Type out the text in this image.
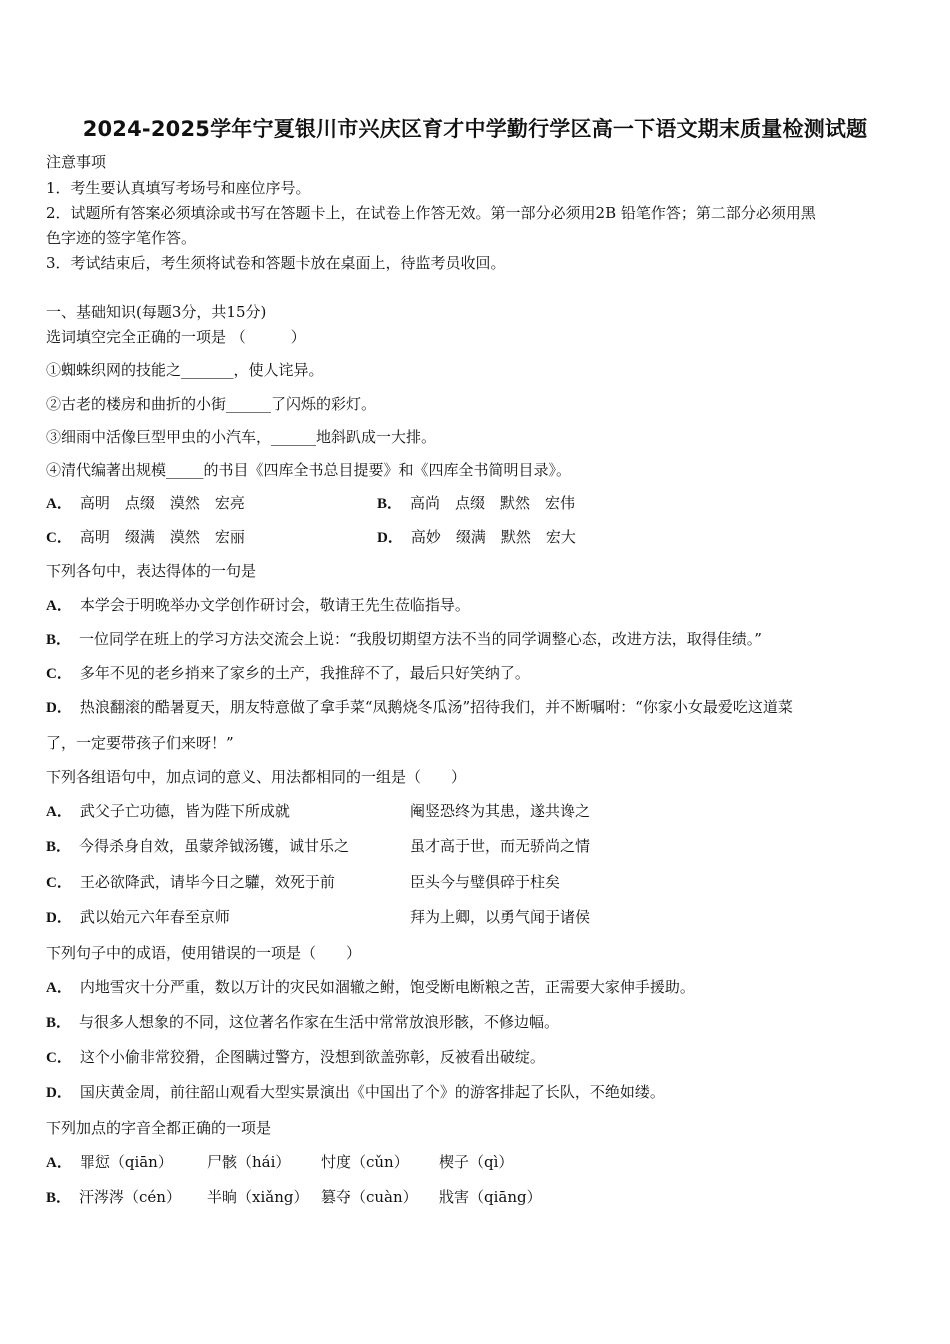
2024-2025学年宁夏银川市兴庆区育才中学勤行学区高一下语文期末质量检测试题
注意事项
1．考生要认真填写考场号和座位序号。
2．试题所有答案必须填涂或书写在答题卡上，在试卷上作答无效。第一部分必须用2B 铅笔作答；第二部分必须用黑
色字迹的签字笔作答。
3．考试结束后，考生须将试卷和答题卡放在桌面上，待监考员收回。
一、基础知识(每题3分，共15分)
选词填空完全正确的一项是 （　　　）
①蜘蛛织网的技能之_______，使人诧异。
②古老的楼房和曲折的小街______了闪烁的彩灯。
③细雨中活像巨型甲虫的小汽车，______地斜趴成一大排。
④清代编著出规模_____的书目《四库全书总目提要》和《四库全书简明目录》。
A． 高明　点缀　漠然　宏亮	B． 高尚　点缀　默然　宏伟
C． 高明　缀满　漠然　宏丽	D． 高妙　缀满　默然　宏大
下列各句中，表达得体的一句是
A． 本学会于明晚举办文学创作研讨会，敬请王先生莅临指导。
B． 一位同学在班上的学习方法交流会上说：“我殷切期望方法不当的同学调整心态，改进方法，取得佳绩。”
C． 多年不见的老乡捎来了家乡的土产，我推辞不了，最后只好笑纳了。
D． 热浪翻滚的酷暑夏天，朋友特意做了拿手菜“凤鹅烧冬瓜汤”招待我们，并不断嘱咐：“你家小女最爱吃这道菜
了，一定要带孩子们来呀！”
下列各组语句中，加点词的意义、用法都相同的一组是（　　）
A． 武父子亡功德，皆为陛下所成就	阉竖恐终为其患，遂共谗之
B． 今得杀身自效，虽蒙斧钺汤镬，诚甘乐之	虽才高于世，而无骄尚之情
C． 王必欲降武，请毕今日之驩，效死于前	臣头今与璧俱碎于柱矣
D． 武以始元六年春至京师	拜为上卿，以勇气闻于诸侯
下列句子中的成语，使用错误的一项是（　　）
A． 内地雪灾十分严重，数以万计的灾民如涸辙之鲋，饱受断电断粮之苦，正需要大家伸手援助。
B． 与很多人想象的不同，这位著名作家在生活中常常放浪形骸，不修边幅。
C． 这个小偷非常狡猾，企图瞒过警方，没想到欲盖弥彰，反被看出破绽。
D． 国庆黄金周，前往韶山观看大型实景演出《中国出了个》的游客排起了长队，不绝如缕。
下列加点的字音全都正确的一项是
A． 罪愆（qiān） 尸骸（hái） 忖度（cǔn） 楔子（qì）
B． 汗涔涔（cén） 半晌（xiǎng） 篡夺（cuàn） 戕害（qiāng）
